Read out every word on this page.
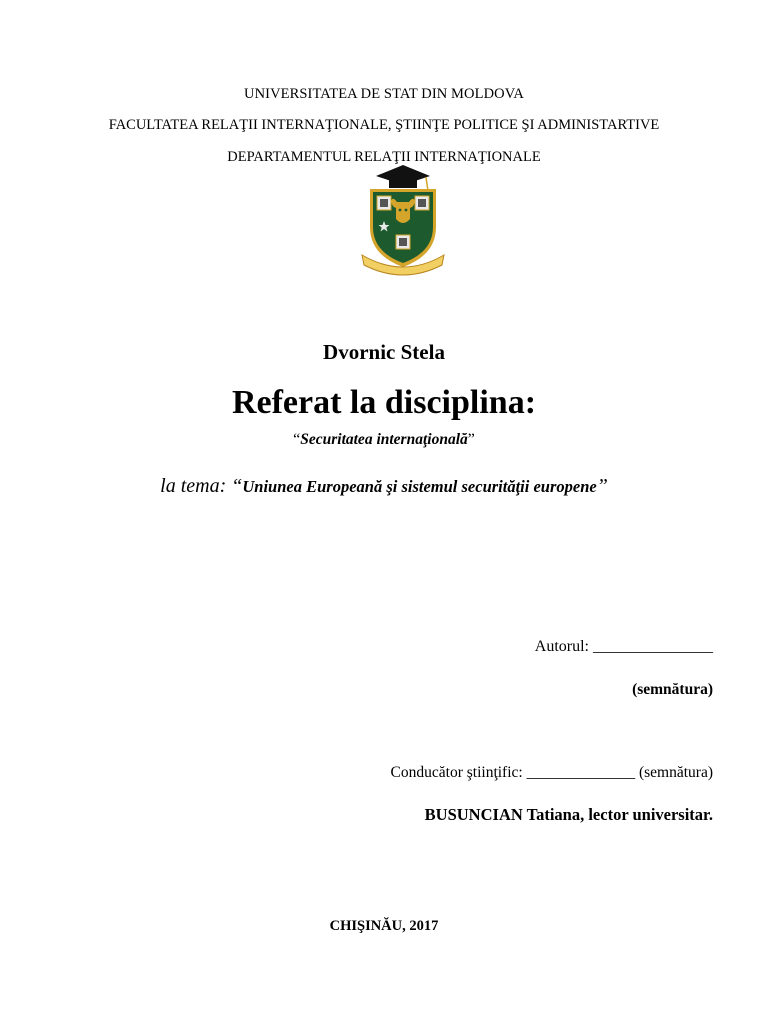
UNIVERSITATEA DE STAT DIN MOLDOVA
FACULTATEA RELAŢII INTERNAŢIONALE, ŞTIINŢE POLITICE ŞI ADMINISTARTIVE
DEPARTAMENTUL RELAŢII INTERNAŢIONALE
Dvornic Stela
Referat la disciplina:
“Securitatea internaţională”
la tema: “Uniunea Europeană şi sistemul securităţii europene”
Autorul: _______________
(semnătura)
Conducător ştiinţific: ______________ (semnătura)
BUSUNCIAN Tatiana, lector universitar.
CHIŞINĂU, 2017
